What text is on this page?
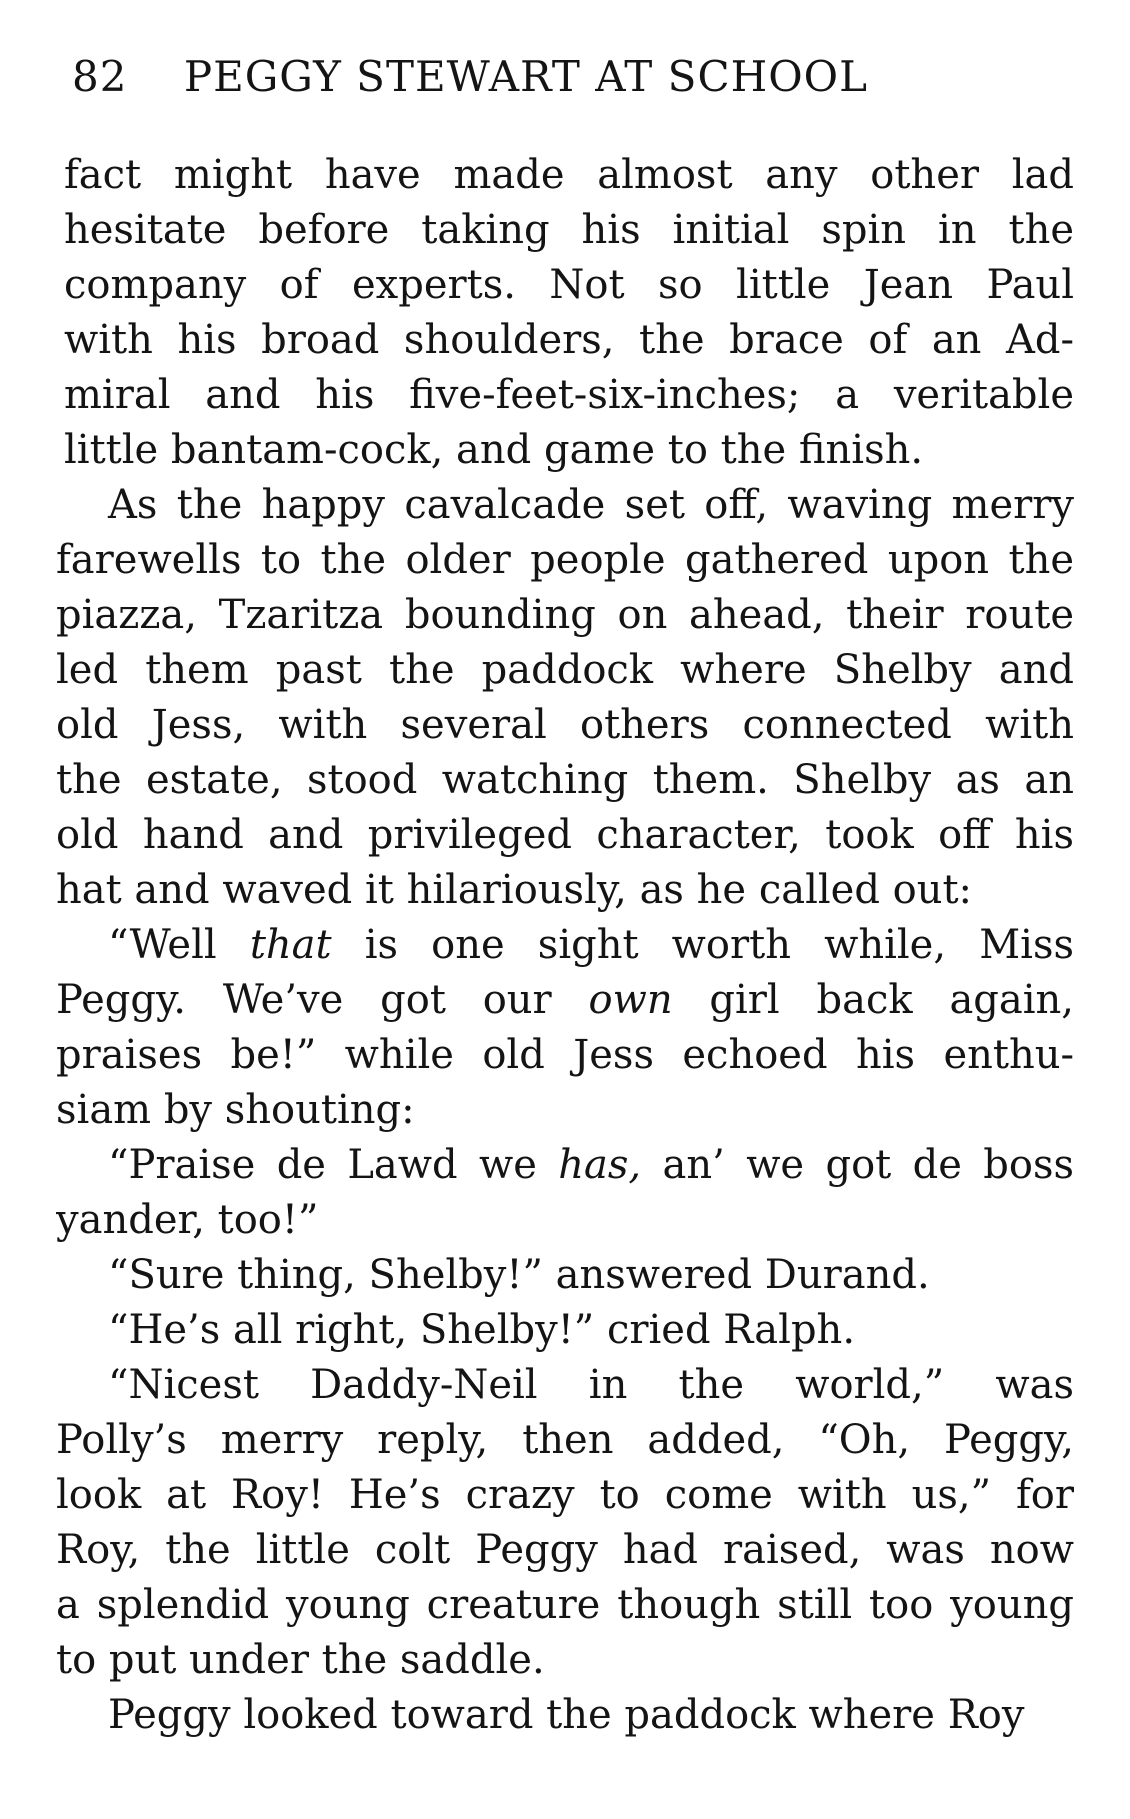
82 PEGGY STEWART AT SCHOOL
fact might have made almost any other lad
hesitate before taking his initial spin in the
company of experts. Not so little Jean Paul
with his broad shoulders, the brace of an Ad-
miral and his five-feet-six-inches; a veritable
little bantam-cock, and game to the finish.
As the happy cavalcade set off, waving merry
farewells to the older people gathered upon the
piazza, Tzaritza bounding on ahead, their route
led them past the paddock where Shelby and
old Jess, with several others connected with
the estate, stood watching them. Shelby as an
old hand and privileged character, took off his
hat and waved it hilariously, as he called out:
“Well that is one sight worth while, Miss
Peggy. We’ve got our own girl back again,
praises be!” while old Jess echoed his enthu-
siam by shouting:
“Praise de Lawd we has, an’ we got de boss
yander, too!”
“Sure thing, Shelby!” answered Durand.
“He’s all right, Shelby!” cried Ralph.
“Nicest Daddy-Neil in the world,” was
Polly’s merry reply, then added, “Oh, Peggy,
look at Roy! He’s crazy to come with us,” for
Roy, the little colt Peggy had raised, was now
a splendid young creature though still too young
to put under the saddle.
Peggy looked toward the paddock where Roy
